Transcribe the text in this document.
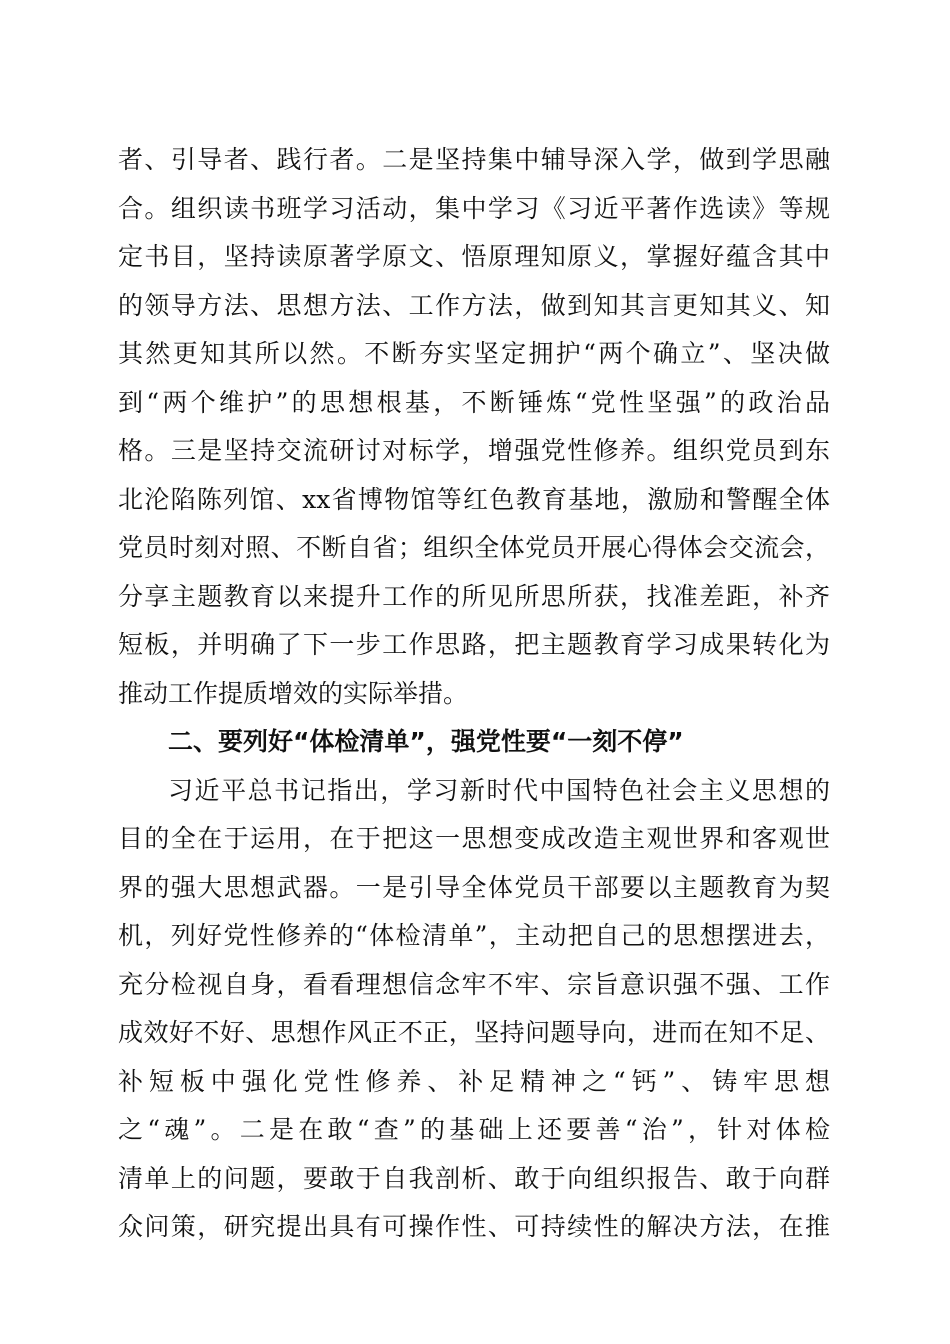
者、引导者、践行者。二是坚持集中辅导深入学，做到学思融
合。组织读书班学习活动，集中学习《习近平著作选读》等规
定书目，坚持读原著学原文、悟原理知原义，掌握好蕴含其中
的领导方法、思想方法、工作方法，做到知其言更知其义、知
其然更知其所以然。不断夯实坚定拥护“两个确立”、坚决做
到“两个维护”的思想根基，不断锤炼“党性坚强”的政治品
格。三是坚持交流研讨对标学，增强党性修养。组织党员到东
北沦陷陈列馆、xx省博物馆等红色教育基地，激励和警醒全体
党员时刻对照、不断自省；组织全体党员开展心得体会交流会，
分享主题教育以来提升工作的所见所思所获，找准差距，补齐
短板，并明确了下一步工作思路，把主题教育学习成果转化为
推动工作提质增效的实际举措。
二、要列好“体检清单”，强党性要“一刻不停”
习近平总书记指出，学习新时代中国特色社会主义思想的
目的全在于运用，在于把这一思想变成改造主观世界和客观世
界的强大思想武器。一是引导全体党员干部要以主题教育为契
机，列好党性修养的“体检清单”，主动把自己的思想摆进去，
充分检视自身，看看理想信念牢不牢、宗旨意识强不强、工作
成效好不好、思想作风正不正，坚持问题导向，进而在知不足、
补短板中强化党性修养、补足精神之“钙”、铸牢思想
之“魂”。二是在敢“查”的基础上还要善“治”，针对体检
清单上的问题，要敢于自我剖析、敢于向组织报告、敢于向群
众问策，研究提出具有可操作性、可持续性的解决方法，在推
